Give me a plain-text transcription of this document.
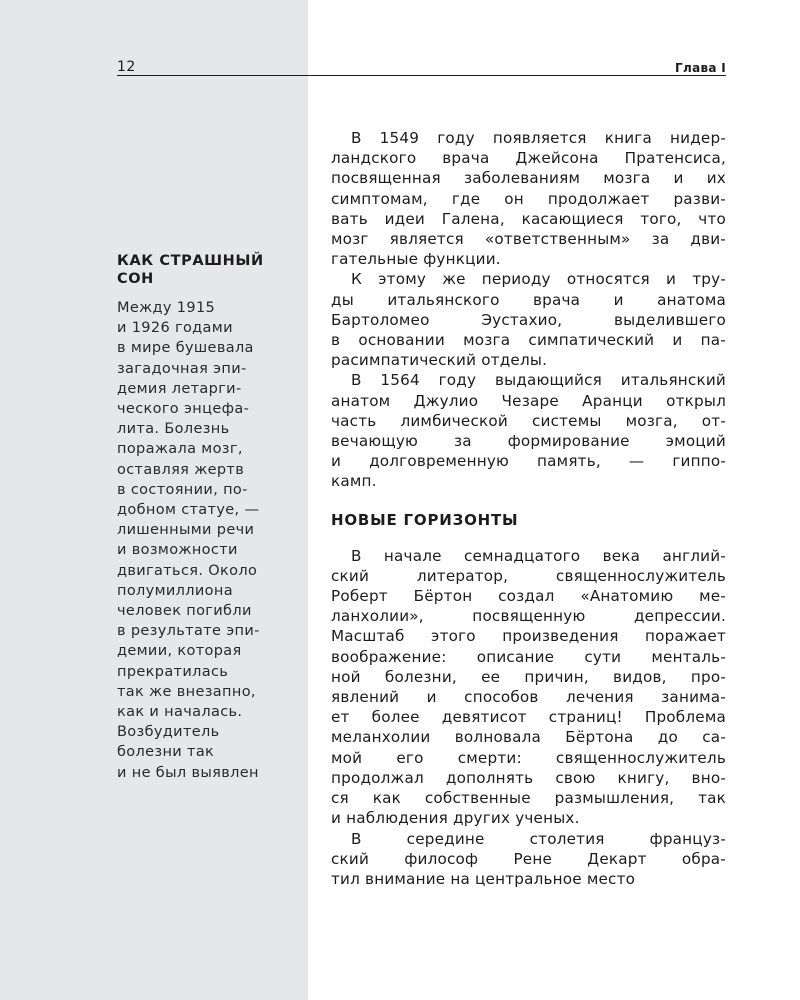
12	Глава I
КАК СТРАШНЫЙ
СОН
Между 1915
и 1926 годами
в мире бушевала
загадочная эпи-
демия летарги-
ческого энцефа-
лита. Болезнь
поражала мозг,
оставляя жертв
в состоянии, по-
добном статуе, —
лишенными речи
и возможности
двигаться. Около
полумиллиона
человек погибли
в результате эпи-
демии, которая
прекратилась
так же внезапно,
как и началась.
Возбудитель
болезни так
и не был выявлен
В 1549 году появляется книга нидер-
ландского врача Джейсона Пратенсиса,
посвященная заболеваниям мозга и их
симптомам, где он продолжает разви-
вать идеи Галена, касающиеся того, что
мозг является «ответственным» за дви-
гательные функции.
К этому же периоду относятся и тру-
ды итальянского врача и анатома
Бартоломео Эустахио, выделившего
в основании мозга симпатический и па-
расимпатический отделы.
В 1564 году выдающийся итальянский
анатом Джулио Чезаре Аранци открыл
часть лимбической системы мозга, от-
вечающую за формирование эмоций
и долговременную память, — гиппо-
камп.
НОВЫЕ ГОРИЗОНТЫ
В начале семнадцатого века англий-
ский литератор, священнослужитель
Роберт Бёртон создал «Анатомию ме-
ланхолии», посвященную депрессии.
Масштаб этого произведения поражает
воображение: описание сути менталь-
ной болезни, ее причин, видов, про-
явлений и способов лечения занима-
ет более девятисот страниц! Проблема
меланхолии волновала Бёртона до са-
мой его смерти: священнослужитель
продолжал дополнять свою книгу, вно-
ся как собственные размышления, так
и наблюдения других ученых.
В середине столетия француз-
ский философ Рене Декарт обра-
тил внимание на центральное место
